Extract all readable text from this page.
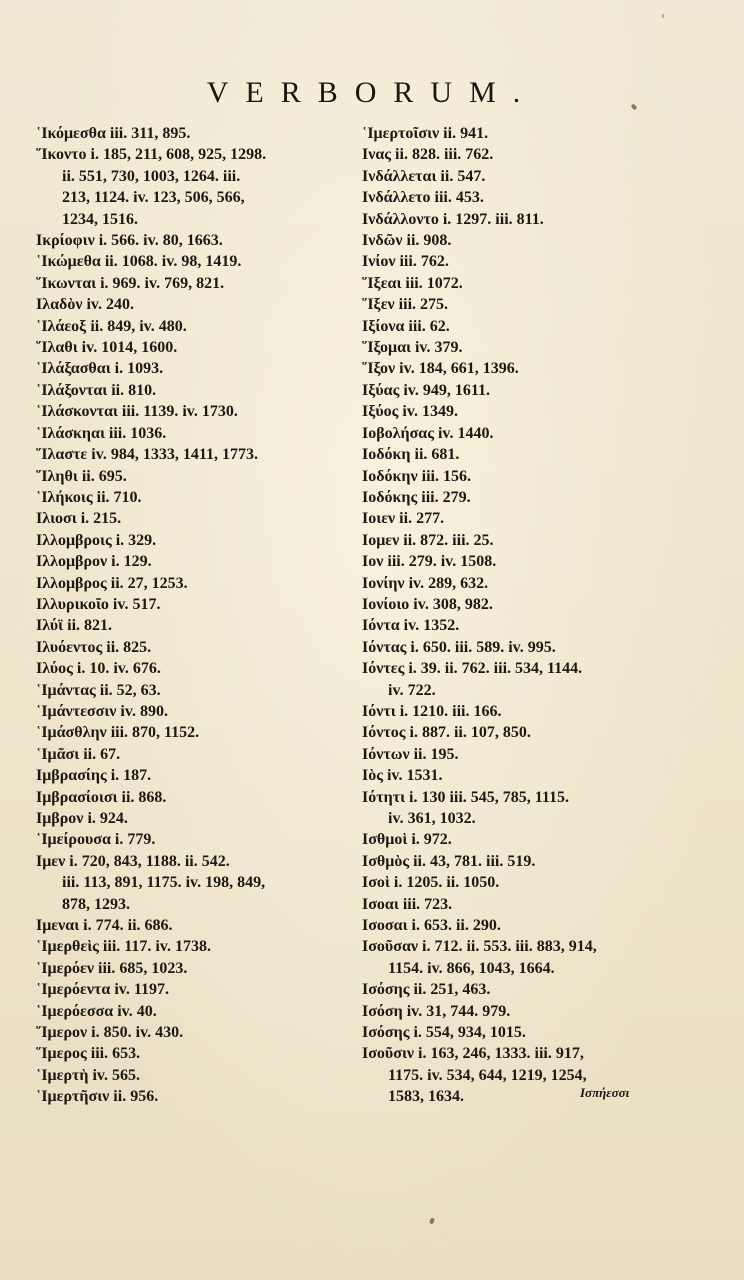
VERBORUM.
῾Ικόμεσθα iii. 311, 895.
῞Ικοντο i. 185, 211, 608, 925, 1298.
ii. 551, 730, 1003, 1264. iii.
213, 1124. iv. 123, 506, 566,
1234, 1516.
Ικρίοφιν i. 566. iv. 80, 1663.
῾Ικώμεθα ii. 1068. iv. 98, 1419.
῞Ικωνται i. 969. iv. 769, 821.
Ιλαδὸν iv. 240.
῾Ιλάεοξ ii. 849, iv. 480.
῞Ιλαθι iv. 1014, 1600.
῾Ιλάξασθαι i. 1093.
῾Ιλάξονται ii. 810.
῾Ιλάσκονται iii. 1139. iv. 1730.
῾Ιλάσκηαι iii. 1036.
῞Ιλαστε iv. 984, 1333, 1411, 1773.
῞Ιληθι ii. 695.
῾Ιλήκοις ii. 710.
Ιλιοσι i. 215.
Ιλλομβροις i. 329.
Ιλλομβρον i. 129.
Ιλλομβρος ii. 27, 1253.
Ιλλυρικοῖο iv. 517.
Ιλύϊ ii. 821.
Ιλυόεντος ii. 825.
Ιλύος i. 10. iv. 676.
῾Ιμάντας ii. 52, 63.
῾Ιμάντεσσιν iv. 890.
῾Ιμάσθλην iii. 870, 1152.
῾Ιμᾶσι ii. 67.
Ιμβρασίης i. 187.
Ιμβρασίοισι ii. 868.
Ιμβρον i. 924.
῾Ιμείρουσα i. 779.
Ιμεν i. 720, 843, 1188. ii. 542.
iii. 113, 891, 1175. iv. 198, 849,
878, 1293.
Ιμεναι i. 774. ii. 686.
῾Ιμερθεὶς iii. 117. iv. 1738.
῾Ιμερόεν iii. 685, 1023.
῾Ιμερόεντα iv. 1197.
῾Ιμερόεσσα iv. 40.
῞Ιμερον i. 850. iv. 430.
῞Ιμερος iii. 653.
῾Ιμερτὴ iv. 565.
῾Ιμερτῆσιν ii. 956.
῾Ιμερτοῖσιν ii. 941.
Ινας ii. 828. iii. 762.
Ινδάλλεται ii. 547.
Ινδάλλετο iii. 453.
Ινδάλλοντο i. 1297. iii. 811.
Ινδῶν ii. 908.
Ινίον iii. 762.
῞Ιξεαι iii. 1072.
῞Ιξεν iii. 275.
Ιξίονα iii. 62.
῞Ιξομαι iv. 379.
῞Ιξον iv. 184, 661, 1396.
Ιξύας iv. 949, 1611.
Ιξύος iv. 1349.
Ιοβολήσας iv. 1440.
Ιοδόκη ii. 681.
Ιοδόκην iii. 156.
Ιοδόκης iii. 279.
Ιοιεν ii. 277.
Ιομεν ii. 872. iii. 25.
Ιον iii. 279. iv. 1508.
Ιονίην iv. 289, 632.
Ιονίοιο iv. 308, 982.
Ιόντα iv. 1352.
Ιόντας i. 650. iii. 589. iv. 995.
Ιόντες i. 39. ii. 762. iii. 534, 1144.
iv. 722.
Ιόντι i. 1210. iii. 166.
Ιόντος i. 887. ii. 107, 850.
Ιόντων ii. 195.
Ιὸς iv. 1531.
Ιότητι i. 130 iii. 545, 785, 1115.
iv. 361, 1032.
Ισθμοὶ i. 972.
Ισθμὸς ii. 43, 781. iii. 519.
Ισοὶ i. 1205. ii. 1050.
Ισοαι iii. 723.
Ισοσαι i. 653. ii. 290.
Ισοῦσαν i. 712. ii. 553. iii. 883, 914,
1154. iv. 866, 1043, 1664.
Ισόσης ii. 251, 463.
Ισόση iv. 31, 744. 979.
Ισόσης i. 554, 934, 1015.
Ισοῦσιν i. 163, 246, 1333. iii. 917,
1175. iv. 534, 644, 1219, 1254,
1583, 1634.	Ισπήεσσι
